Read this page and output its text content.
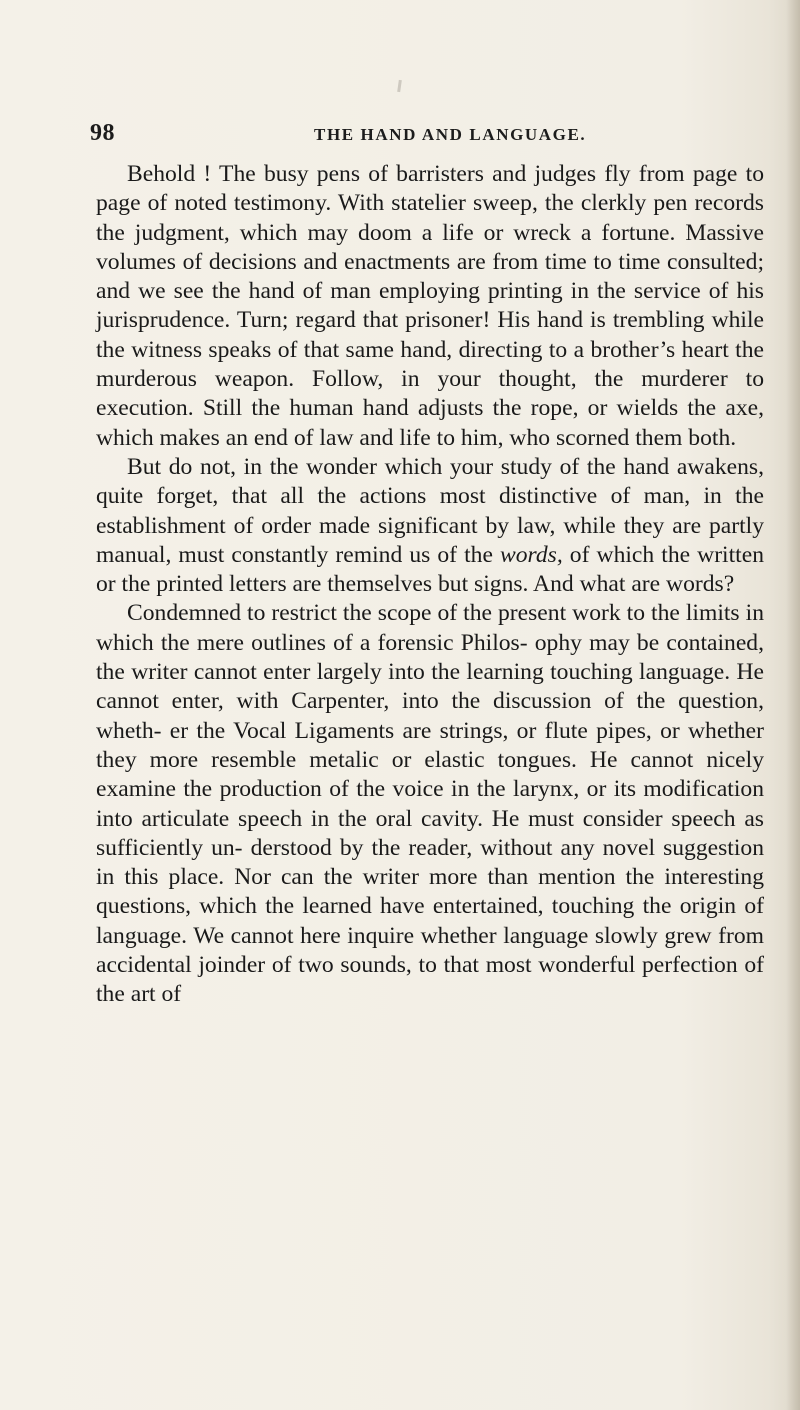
98	THE HAND AND LANGUAGE.

Behold ! The busy pens of barristers and judges fly from page to page of noted testimony. With statelier sweep, the clerkly pen records the judgment, which may doom a life or wreck a fortune. Massive volumes of decisions and enactments are from time to time consulted; and we see the hand of man employing printing in the service of his jurisprudence. Turn; regard that prisoner! His hand is trembling while the witness speaks of that same hand, directing to a brother’s heart the murderous weapon. Follow, in your thought, the murderer to execution. Still the human hand adjusts the rope, or wields the axe, which makes an end of law and life to him, who scorned them both.

But do not, in the wonder which your study of the hand awakens, quite forget, that all the actions most distinctive of man, in the establishment of order made significant by law, while they are partly manual, must constantly remind us of the words, of which the written or the printed letters are themselves but signs. And what are words?

Condemned to restrict the scope of the present work to the limits in which the mere outlines of a forensic Philos- ophy may be contained, the writer cannot enter largely into the learning touching language. He cannot enter, with Carpenter, into the discussion of the question, wheth- er the Vocal Ligaments are strings, or flute pipes, or whether they more resemble metalic or elastic tongues. He cannot nicely examine the production of the voice in the larynx, or its modification into articulate speech in the oral cavity. He must consider speech as sufficiently un- derstood by the reader, without any novel suggestion in this place. Nor can the writer more than mention the interesting questions, which the learned have entertained, touching the origin of language. We cannot here inquire whether language slowly grew from accidental joinder of two sounds, to that most wonderful perfection of the art of
